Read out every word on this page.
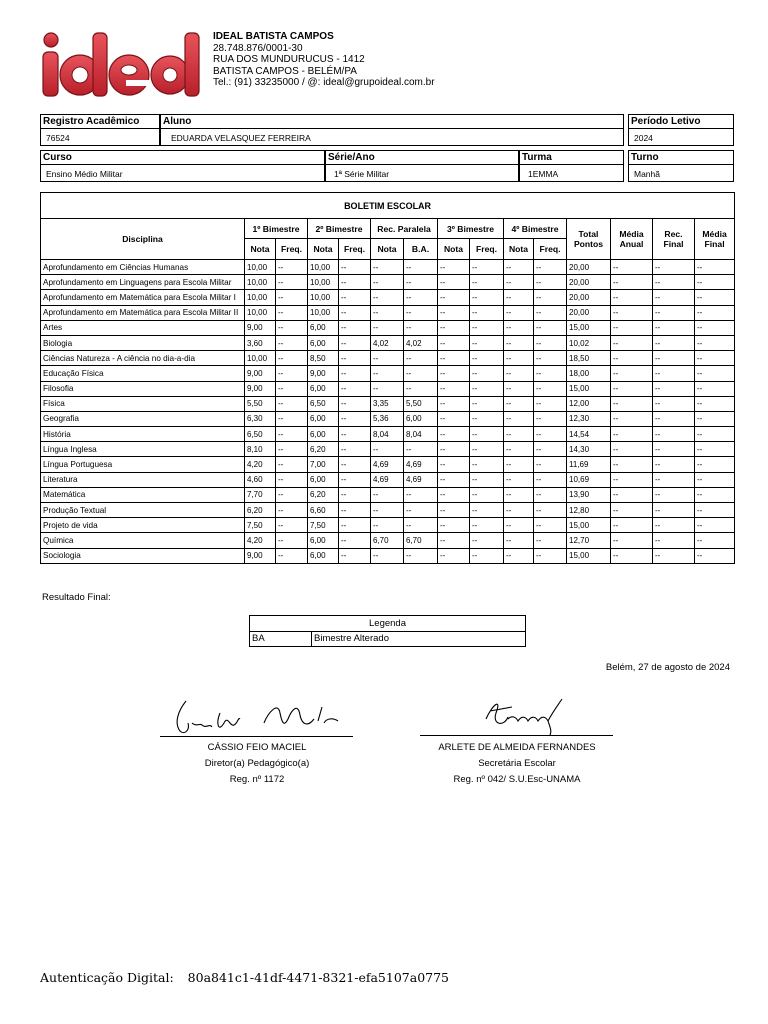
IDEAL BATISTA CAMPOS
28.748.876/0001-30
RUA DOS MUNDURUCUS - 1412
BATISTA CAMPOS - BELÉM/PA
Tel.: (91) 33235000 / @: ideal@grupoideal.com.br
Registro Acadêmico
76524
Aluno
EDUARDA VELASQUEZ FERREIRA
Período Letivo
2024
Curso
Ensino Médio Militar
Série/Ano
1ª Série Militar
Turma
1EMMA
Turno
Manhã
BOLETIM ESCOLAR														
Disciplina	1º Bimestre		2º Bimestre		Rec. Paralela		3º Bimestre		4º Bimestre		Total Pontos	Média Anual	Rec. Final	Média Final
	Nota	Freq.	Nota	Freq.	Nota	B.A.	Nota	Freq.	Nota	Freq.				
Aprofundamento em Ciências Humanas	10,00	--	10,00	--	--	--	--	--	--	--	20,00	--	--	--
Aprofundamento em Linguagens para Escola Militar	10,00	--	10,00	--	--	--	--	--	--	--	20,00	--	--	--
Aprofundamento em Matemática para Escola Militar I	10,00	--	10,00	--	--	--	--	--	--	--	20,00	--	--	--
Aprofundamento em Matemática para Escola Militar II	10,00	--	10,00	--	--	--	--	--	--	--	20,00	--	--	--
Artes	9,00	--	6,00	--	--	--	--	--	--	--	15,00	--	--	--
Biologia	3,60	--	6,00	--	4,02	4,02	--	--	--	--	10,02	--	--	--
Ciências Natureza - A ciência no dia-a-dia	10,00	--	8,50	--	--	--	--	--	--	--	18,50	--	--	--
Educação Física	9,00	--	9,00	--	--	--	--	--	--	--	18,00	--	--	--
Filosofia	9,00	--	6,00	--	--	--	--	--	--	--	15,00	--	--	--
Física	5,50	--	6,50	--	3,35	5,50	--	--	--	--	12,00	--	--	--
Geografia	6,30	--	6,00	--	5,36	6,00	--	--	--	--	12,30	--	--	--
História	6,50	--	6,00	--	8,04	8,04	--	--	--	--	14,54	--	--	--
Língua Inglesa	8,10	--	6,20	--	--	--	--	--	--	--	14,30	--	--	--
Língua Portuguesa	4,20	--	7,00	--	4,69	4,69	--	--	--	--	11,69	--	--	--
Literatura	4,60	--	6,00	--	4,69	4,69	--	--	--	--	10,69	--	--	--
Matemática	7,70	--	6,20	--	--	--	--	--	--	--	13,90	--	--	--
Produção Textual	6,20	--	6,60	--	--	--	--	--	--	--	12,80	--	--	--
Projeto de vida	7,50	--	7,50	--	--	--	--	--	--	--	15,00	--	--	--
Química	4,20	--	6,00	--	6,70	6,70	--	--	--	--	12,70	--	--	--
Sociologia	9,00	--	6,00	--	--	--	--	--	--	--	15,00	--	--	--
Resultado Final:
Legenda
BA	Bimestre Alterado
Belém, 27 de agosto de 2024
CÁSSIO FEIO MACIEL
Diretor(a) Pedagógico(a)
Reg. nº 1172
ARLETE DE ALMEIDA FERNANDES
Secretária Escolar
Reg. nº 042/ S.U.Esc-UNAMA
Autenticação Digital: 80a841c1-41df-4471-8321-efa5107a0775
